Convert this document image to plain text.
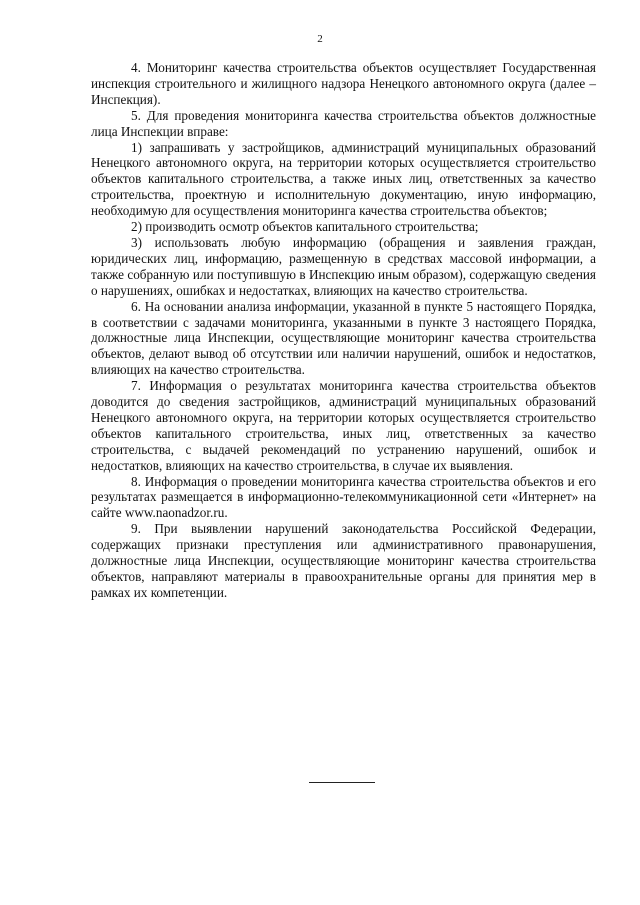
2

4. Мониторинг качества строительства объектов осуществляет Государственная инспекция строительного и жилищного надзора Ненецкого автономного округа (далее – Инспекция).

5. Для проведения мониторинга качества строительства объектов должностные лица Инспекции вправе:

1) запрашивать у застройщиков, администраций муниципальных образований Ненецкого автономного округа, на территории которых осуществляется строительство объектов капитального строительства, а также иных лиц, ответственных за качество строительства, проектную и исполнительную документацию, иную информацию, необходимую для осуществления мониторинга качества строительства объектов;

2) производить осмотр объектов капитального строительства;

3) использовать любую информацию (обращения и заявления граждан, юридических лиц, информацию, размещенную в средствах массовой информации, а также собранную или поступившую в Инспекцию иным образом), содержащую сведения о нарушениях, ошибках и недостатках, влияющих на качество строительства.

6. На основании анализа информации, указанной в пункте 5 настоящего Порядка, в соответствии с задачами мониторинга, указанными в пункте 3 настоящего Порядка, должностные лица Инспекции, осуществляющие мониторинг качества строительства объектов, делают вывод об отсутствии или наличии нарушений, ошибок и недостатков, влияющих на качество строительства.

7. Информация о результатах мониторинга качества строительства объектов доводится до сведения застройщиков, администраций муниципальных образований Ненецкого автономного округа, на территории которых осуществляется строительство объектов капитального строительства, иных лиц, ответственных за качество строительства, с выдачей рекомендаций по устранению нарушений, ошибок и недостатков, влияющих на качество строительства, в случае их выявления.

8. Информация о проведении мониторинга качества строительства объектов и его результатах размещается в информационно-телекоммуникационной сети «Интернет» на сайте www.naonadzor.ru.

9. При выявлении нарушений законодательства Российской Федерации, содержащих признаки преступления или административного правонарушения, должностные лица Инспекции, осуществляющие мониторинг качества строительства объектов, направляют материалы в правоохранительные органы для принятия мер в рамках их компетенции.
